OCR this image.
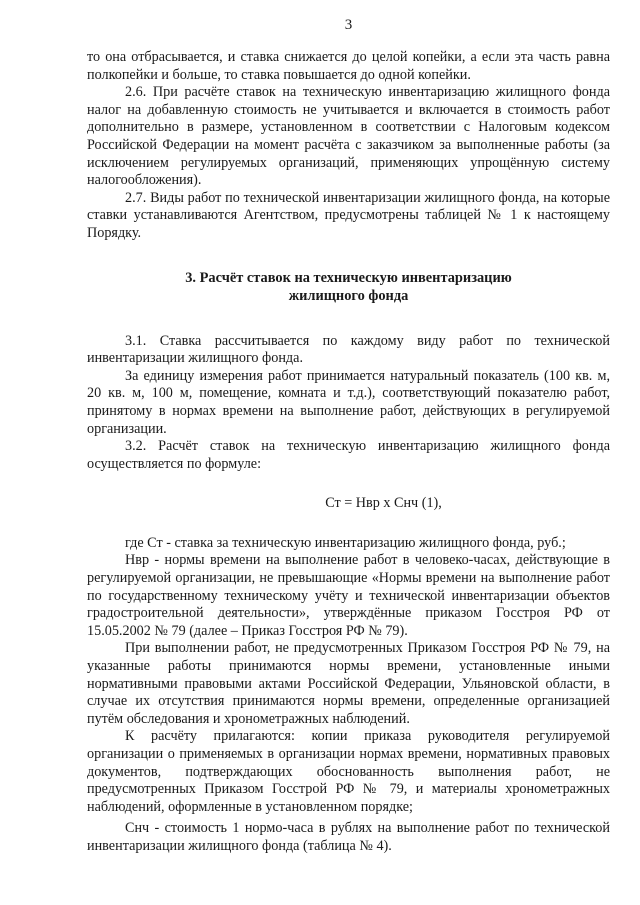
3

то она отбрасывается, и ставка снижается до целой копейки, а если эта часть равна полкопейки и больше, то ставка повышается до одной копейки.

2.6. При расчёте ставок на техническую инвентаризацию жилищного фонда налог на добавленную стоимость не учитывается и включается в стоимость работ дополнительно в размере, установленном в соответствии с Налоговым кодексом Российской Федерации на момент расчёта с заказчиком за выполненные работы (за исключением регулируемых организаций, применяющих упрощённую систему налогообложения).

2.7. Виды работ по технической инвентаризации жилищного фонда, на которые ставки устанавливаются Агентством, предусмотрены таблицей № 1 к настоящему Порядку.

3. Расчёт ставок на техническую инвентаризацию
жилищного фонда

3.1. Ставка рассчитывается по каждому виду работ по технической инвентаризации жилищного фонда.

За единицу измерения работ принимается натуральный показатель (100 кв. м, 20 кв. м, 100 м, помещение, комната и т.д.), соответствующий показателю работ, принятому в нормах времени на выполнение работ, действующих в регулируемой организации.

3.2. Расчёт ставок на техническую инвентаризацию жилищного фонда осуществляется по формуле:

Ст = Нвр х Снч (1),

где Ст - ставка за техническую инвентаризацию жилищного фонда, руб.;

Нвр - нормы времени на выполнение работ в человеко-часах, действующие в регулируемой организации, не превышающие «Нормы времени на выполнение работ по государственному техническому учёту и технической инвентаризации объектов градостроительной деятельности», утверждённые приказом Госстроя РФ от 15.05.2002 № 79 (далее – Приказ Госстроя РФ № 79).

При выполнении работ, не предусмотренных Приказом Госстроя РФ № 79, на указанные работы принимаются нормы времени, установленные иными нормативными правовыми актами Российской Федерации, Ульяновской области, в случае их отсутствия принимаются нормы времени, определенные организацией путём обследования и хронометражных наблюдений.

К расчёту прилагаются: копии приказа руководителя регулируемой организации о применяемых в организации нормах времени, нормативных правовых документов, подтверждающих обоснованность выполнения работ, не предусмотренных Приказом Госстрой РФ № 79, и материалы хронометражных наблюдений, оформленные в установленном порядке;

Снч - стоимость 1 нормо-часа в рублях на выполнение работ по технической инвентаризации жилищного фонда (таблица № 4).
